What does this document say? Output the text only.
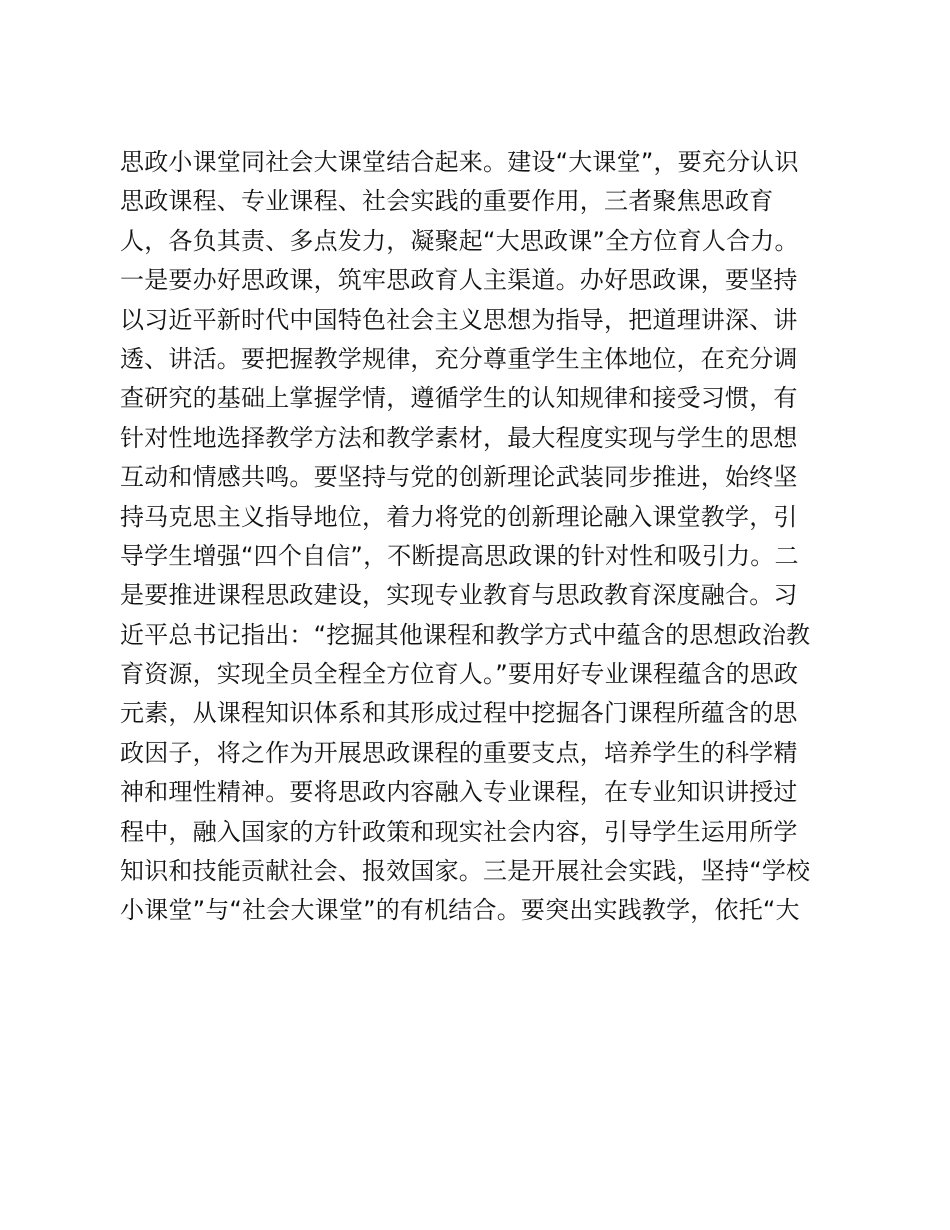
思政小课堂同社会大课堂结合起来。建设“大课堂”，要充分认识
思政课程、专业课程、社会实践的重要作用，三者聚焦思政育
人，各负其责、多点发力，凝聚起“大思政课”全方位育人合力。
一是要办好思政课，筑牢思政育人主渠道。办好思政课，要坚持
以习近平新时代中国特色社会主义思想为指导，把道理讲深、讲
透、讲活。要把握教学规律，充分尊重学生主体地位，在充分调
查研究的基础上掌握学情，遵循学生的认知规律和接受习惯，有
针对性地选择教学方法和教学素材，最大程度实现与学生的思想
互动和情感共鸣。要坚持与党的创新理论武装同步推进，始终坚
持马克思主义指导地位，着力将党的创新理论融入课堂教学，引
导学生增强“四个自信”，不断提高思政课的针对性和吸引力。二
是要推进课程思政建设，实现专业教育与思政教育深度融合。习
近平总书记指出：“挖掘其他课程和教学方式中蕴含的思想政治教
育资源，实现全员全程全方位育人。”要用好专业课程蕴含的思政
元素，从课程知识体系和其形成过程中挖掘各门课程所蕴含的思
政因子，将之作为开展思政课程的重要支点，培养学生的科学精
神和理性精神。要将思政内容融入专业课程，在专业知识讲授过
程中，融入国家的方针政策和现实社会内容，引导学生运用所学
知识和技能贡献社会、报效国家。三是开展社会实践，坚持“学校
小课堂”与“社会大课堂”的有机结合。要突出实践教学，依托“大
